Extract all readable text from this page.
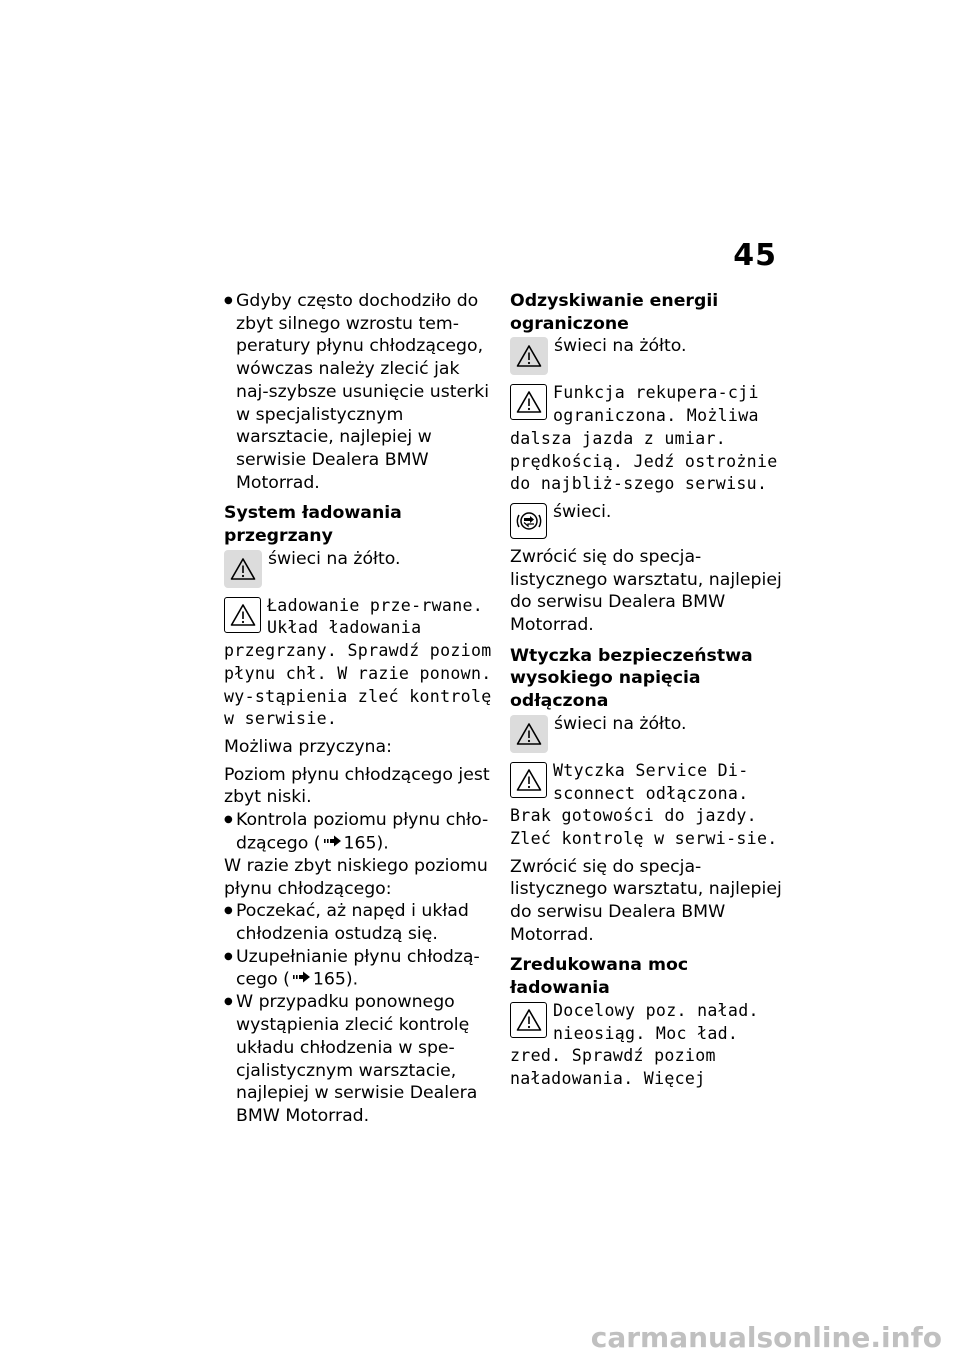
45
● Gdyby często dochodziło do zbyt silnego wzrostu tem-peratury płynu chłodzącego, wówczas należy zlecić jak naj-szybsze usunięcie usterki w specjalistycznym warsztacie, najlepiej w serwisie Dealera BMW Motorrad.
System ładowania przegrzany
świeci na żółto.
Ładowanie prze-rwane. Układ ładowania przegrzany. Sprawdź poziom płynu chł. W razie ponown. wy-stąpienia zleć kontrolę w serwisie.
Możliwa przyczyna:
Poziom płynu chłodzącego jest zbyt niski.
● Kontrola poziomu płynu chło-dzącego ( 165).
W razie zbyt niskiego poziomu płynu chłodzącego:
● Poczekać, aż napęd i układ chłodzenia ostudzą się.
● Uzupełnianie płynu chłodzą-cego ( 165).
● W przypadku ponownego wystąpienia zlecić kontrolę układu chłodzenia w spe-cjalistycznym warsztacie, najlepiej w serwisie Dealera BMW Motorrad.
Odzyskiwanie energii ograniczone
świeci na żółto.
Funkcja rekupera-cji ograniczona. Możliwa dalsza jazda z umiar. prędkością. Jedź ostrożnie do najbliż-szego serwisu.
świeci.
Zwrócić się do specja-listycznego warsztatu, najlepiej do serwisu Dealera BMW Motorrad.
Wtyczka bezpieczeństwa wysokiego napięcia odłączona
świeci na żółto.
Wtyczka Service Di-sconnect odłączona. Brak gotowości do jazdy. Zleć kontrolę w serwi-sie.
Zwrócić się do specja-listycznego warsztatu, najlepiej do serwisu Dealera BMW Motorrad.
Zredukowana moc ładowania
Docelowy poz. naład. nieosiąg. Moc ład. zred. Sprawdź poziom naładowania. Więcej
carmanualsonline.info
